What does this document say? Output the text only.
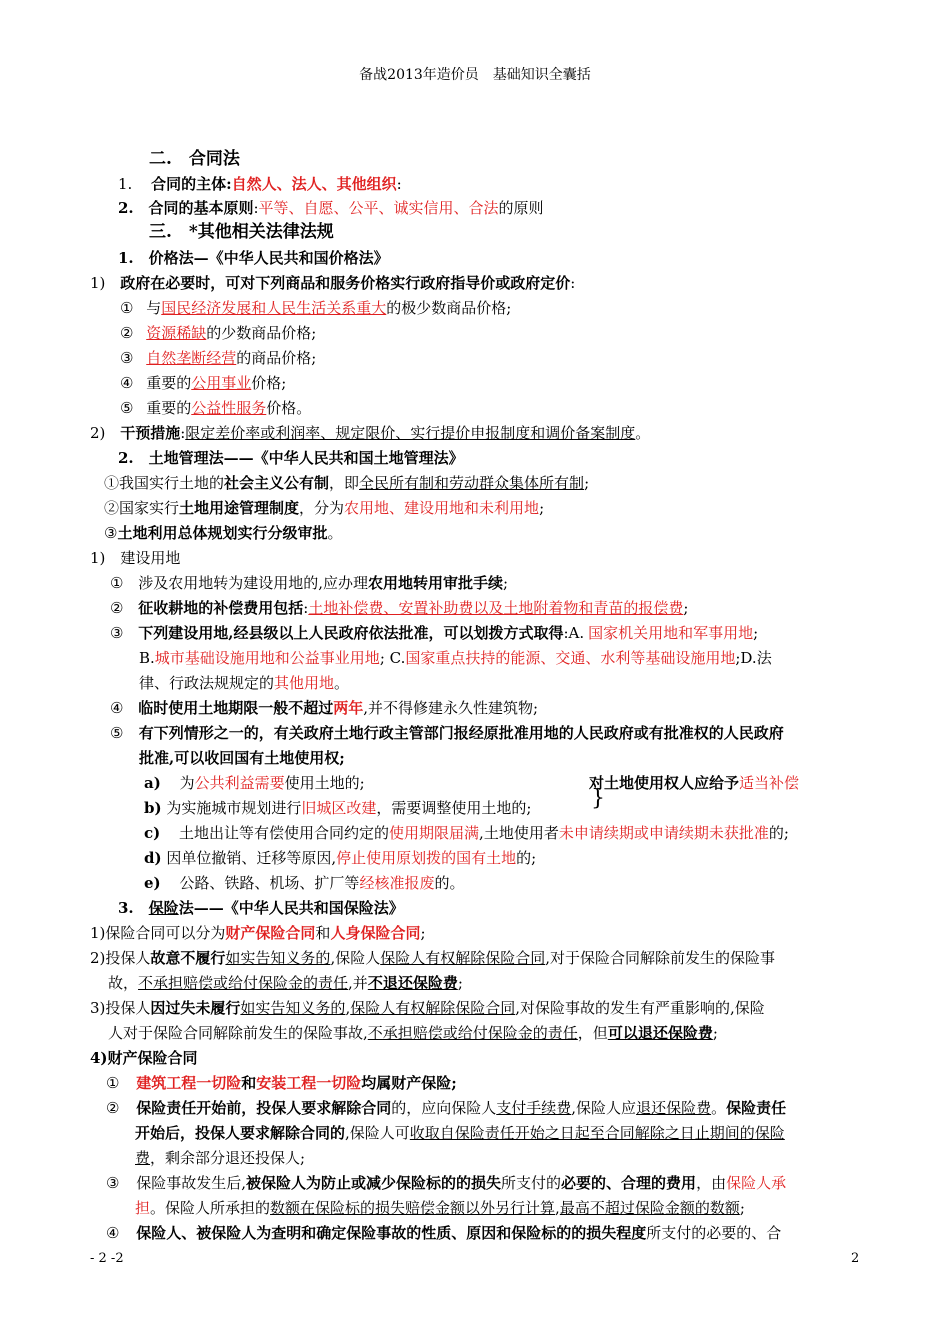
备战2013年造价员　基础知识全囊括
二.　合同法
1. 合同的主体:自然人、法人、其他组织:
2. 合同的基本原则:平等、自愿、公平、诚实信用、合法的原则
三.　*其他相关法律法规
1.　价格法—《中华人民共和国价格法》
1) 政府在必要时，可对下列商品和服务价格实行政府指导价或政府定价:
① 与国民经济发展和人民生活关系重大的极少数商品价格;
② 资源稀缺的少数商品价格;
③ 自然垄断经营的商品价格;
④ 重要的公用事业价格;
⑤ 重要的公益性服务价格。
2) 干预措施:限定差价率或利润率、规定限价、实行提价申报制度和调价备案制度。
2.　土地管理法——《中华人民共和国土地管理法》
①我国实行土地的社会主义公有制，即全民所有制和劳动群众集体所有制;
②国家实行土地用途管理制度，分为农用地、建设用地和未利用地;
③土地利用总体规划实行分级审批。
1)　建设用地
① 涉及农用地转为建设用地的,应办理农用地转用审批手续;
② 征收耕地的补偿费用包括:土地补偿费、安置补助费以及土地附着物和青苗的报偿费;
③ 下列建设用地,经县级以上人民政府依法批准，可以划拨方式取得:A. 国家机关用地和军事用地;
B.城市基础设施用地和公益事业用地; C.国家重点扶持的能源、交通、水利等基础设施用地;D.法
律、行政法规规定的其他用地。
④ 临时使用土地期限一般不超过两年,并不得修建永久性建筑物;
⑤ 有下列情形之一的，有关政府土地行政主管部门报经原批准用地的人民政府或有批准权的人民政府
批准,可以收回国有土地使用权;
a) 为公共利益需要使用土地的;	对土地使用权人应给予适当补偿
}
b) 为实施城市规划进行旧城区改建，需要调整使用土地的;
c) 土地出让等有偿使用合同约定的使用期限届满,土地使用者未申请续期或申请续期未获批准的;
d) 因单位撤销、迁移等原因,停止使用原划拨的国有土地的;
e) 公路、铁路、机场、扩厂等经核准报废的。
3.　保险法——《中华人民共和国保险法》
1)保险合同可以分为财产保险合同和人身保险合同;
2)投保人故意不履行如实告知义务的,保险人保险人有权解除保险合同,对于保险合同解除前发生的保险事
故，不承担赔偿或给付保险金的责任,并不退还保险费;
3)投保人因过失未履行如实告知义务的,保险人有权解除保险合同,对保险事故的发生有严重影响的,保险
人对于保险合同解除前发生的保险事故,不承担赔偿或给付保险金的责任，但可以退还保险费;
4)财产保险合同
① 建筑工程一切险和安装工程一切险均属财产保险;
② 保险责任开始前，投保人要求解除合同的，应向保险人支付手续费,保险人应退还保险费。保险责任
开始后，投保人要求解除合同的,保险人可收取自保险责任开始之日起至合同解除之日止期间的保险
费，剩余部分退还投保人;
③ 保险事故发生后,被保险人为防止或减少保险标的的损失所支付的必要的、合理的费用，由保险人承
担。保险人所承担的数额在保险标的损失赔偿金额以外另行计算,最高不超过保险金额的数额;
④ 保险人、被保险人为查明和确定保险事故的性质、原因和保险标的的损失程度所支付的必要的、合
- 2 -2	2
